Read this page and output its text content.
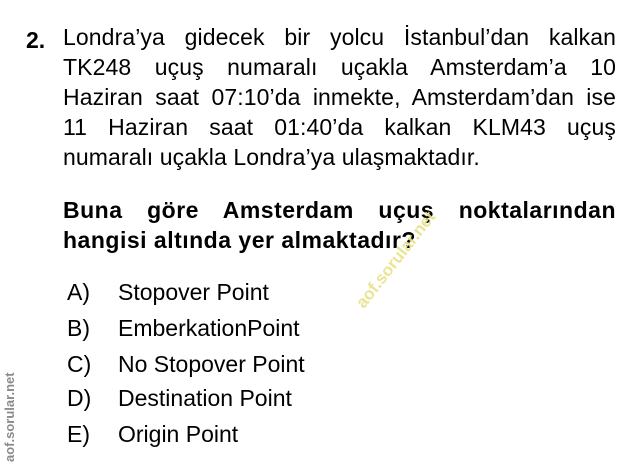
2. Londra’ya gidecek bir yolcu İstanbul’dan kalkan TK248 uçuş numaralı uçakla Amsterdam’a 10 Haziran saat 07:10’da inmekte, Amsterdam’dan ise 11 Haziran saat 01:40’da kalkan KLM43 uçuş numaralı uçakla Londra’ya ulaşmaktadır.

Buna göre Amsterdam uçuş noktalarından hangisi altında yer almaktadır?

A) Stopover Point
B) EmberkationPoint
C) No Stopover Point
D) Destination Point
E) Origin Point
aof.sorular.net
aof.sorular.net
